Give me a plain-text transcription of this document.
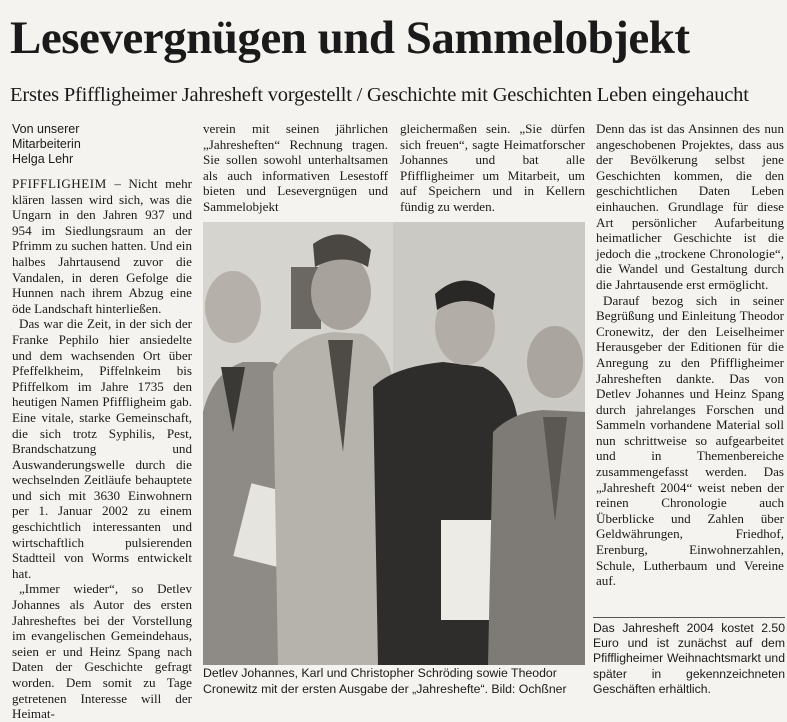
Lesevergnügen und Sammelobjekt
Erstes Pfiffligheimer Jahresheft vorgestellt / Geschichte mit Geschichten Leben eingehaucht
Von unserer
Mitarbeiterin
Helga Lehr

PFIFFLIGHEIM – Nicht mehr klären lassen wird sich, was die Ungarn in den Jahren 937 und 954 im Siedlungsraum an der Pfrimm zu suchen hatten. Und ein halbes Jahrtausend zuvor die Vandalen, in deren Gefolge die Hunnen nach ihrem Abzug eine öde Landschaft hinterließen.

Das war die Zeit, in der sich der Franke Pephilo hier ansiedelte und dem wachsenden Ort über Pfeffelkheim, Piffelnkeim bis Pfiffelkom im Jahre 1735 den heutigen Namen Pfiffligheim gab. Eine vitale, starke Gemeinschaft, die sich trotz Syphilis, Pest, Brandschatzung und Auswanderungswelle durch die wechselnden Zeitläufe behauptete und sich mit 3630 Einwohnern per 1. Januar 2002 zu einem geschichtlich interessanten und wirtschaftlich pulsierenden Stadtteil von Worms entwickelt hat.

„Immer wieder“, so Detlev Johannes als Autor des ersten Jahresheftes bei der Vorstellung im evangelischen Gemeindehaus, seien er und Heinz Spang nach Daten der Geschichte gefragt worden. Dem somit zu Tage getretenen Interesse will der Heimat-

verein mit seinen jährlichen „Jahresheften“ Rechnung tragen. Sie sollen sowohl unterhaltsamen als auch informativen Lesestoff bieten und Lesevergnügen und Sammelobjekt

gleichermaßen sein. „Sie dürfen sich freuen“, sagte Heimatforscher Johannes und bat alle Pfiffligheimer um Mitarbeit, um auf Speichern und in Kellern fündig zu werden.

Denn das ist das Ansinnen des nun angeschobenen Projektes, dass aus der Bevölkerung selbst jene Geschichten kommen, die den geschichtlichen Daten Leben einhauchen. Grundlage für diese Art persönlicher Aufarbeitung heimatlicher Geschichte ist die jedoch die „trockene Chronologie“, die Wandel und Gestaltung durch die Jahrtausende erst ermöglicht.

Darauf bezog sich in seiner Begrüßung und Einleitung Theodor Cronewitz, der den Leiselheimer Herausgeber der Editionen für die Anregung zu den Pfiffligheimer Jahresheften dankte. Das von Detlev Johannes und Heinz Spang durch jahrelanges Forschen und Sammeln vorhandene Material soll nun schrittweise so aufgearbeitet und in Themenbereiche zusammengefasst werden. Das „Jahresheft 2004“ weist neben der reinen Chronologie auch Überblicke und Zahlen über Geldwährungen, Friedhof, Erenburg, Einwohnerzahlen, Schule, Lutherbaum und Vereine auf.

Detlev Johannes, Karl und Christopher Schröding sowie Theodor
Cronewitz mit der ersten Ausgabe der „Jahreshefte“. Bild: Ochßner
Das Jahresheft 2004 kostet 2.50 Euro und ist zunächst auf dem Pfiffligheimer Weihnachtsmarkt und später in gekennzeichneten Geschäften erhältlich.
